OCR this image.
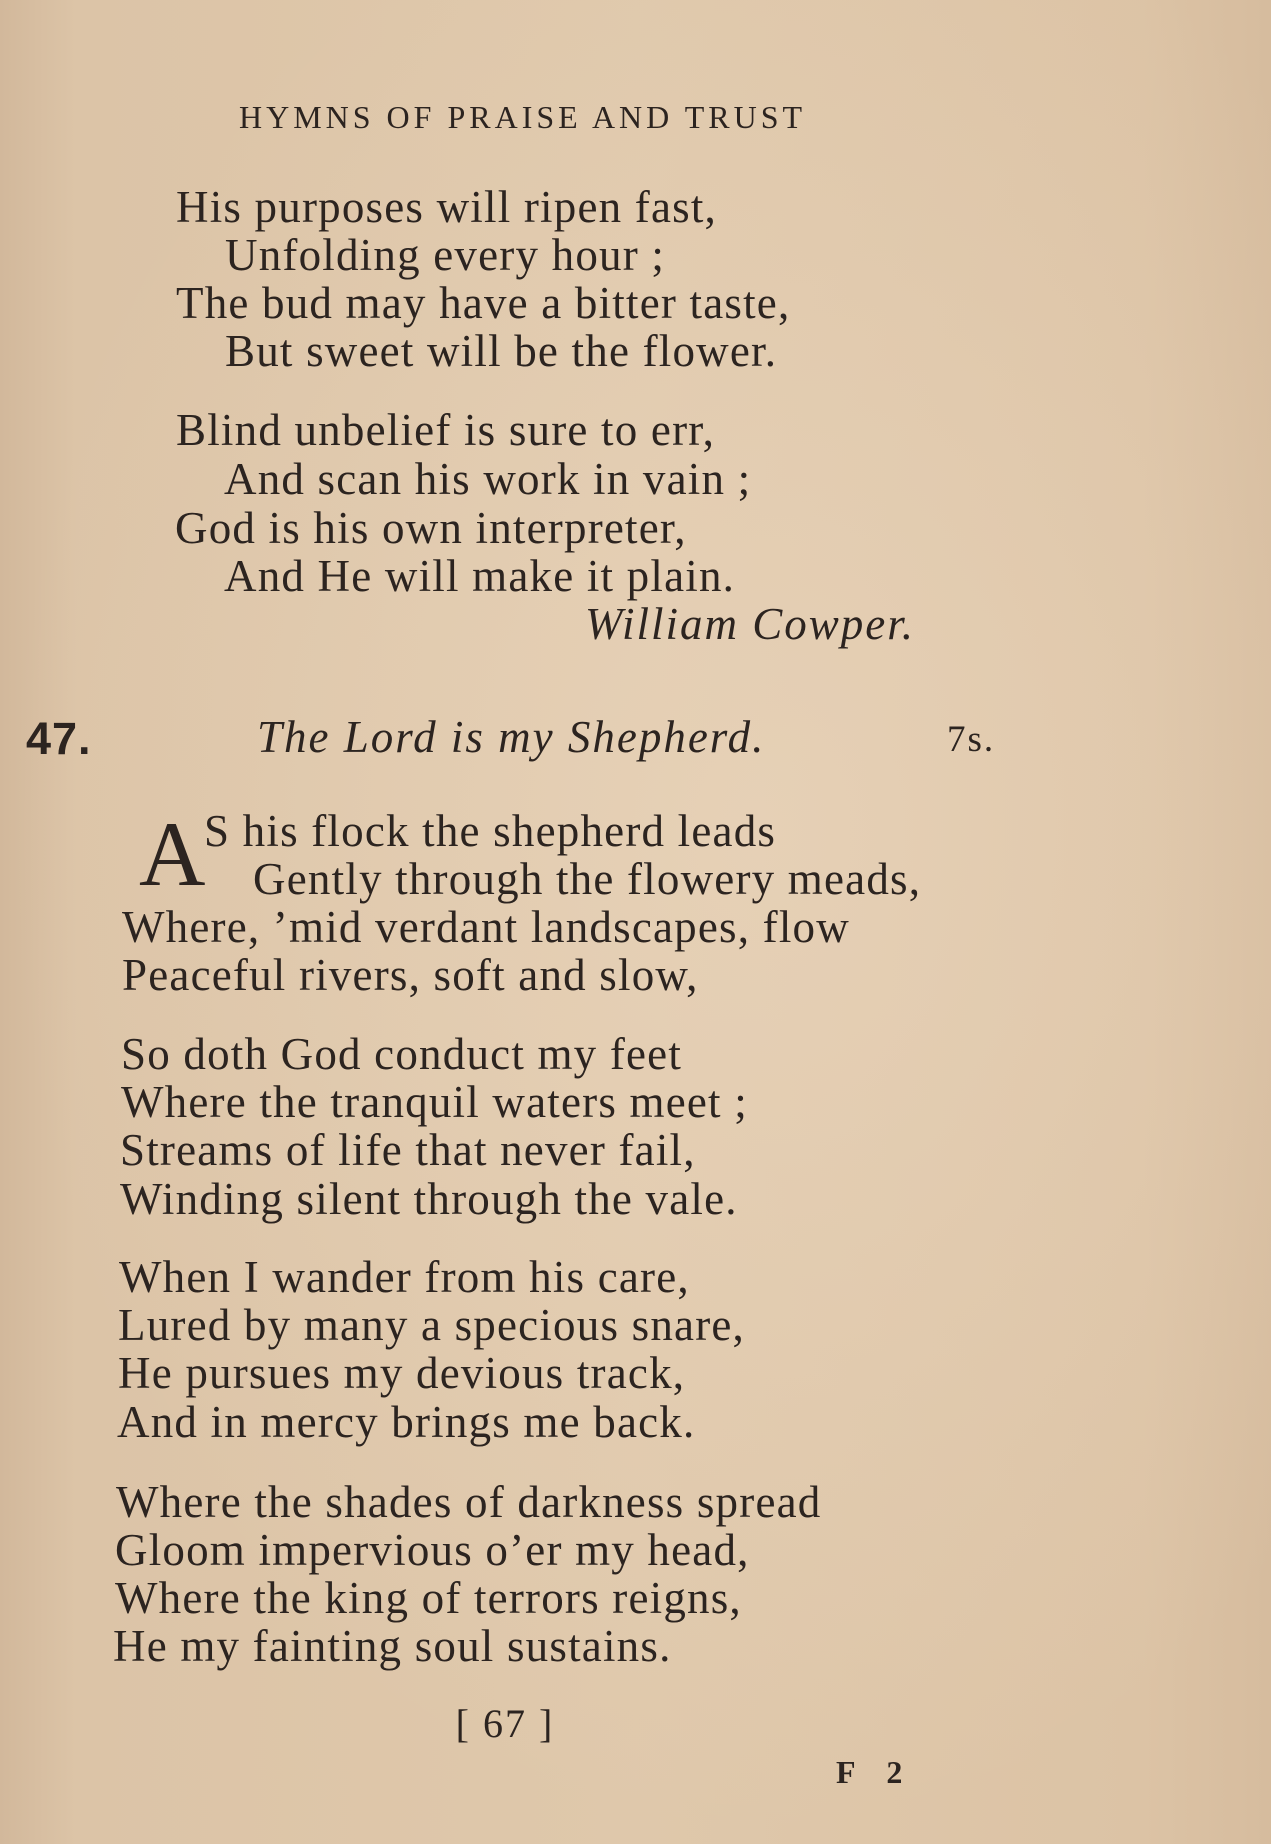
HYMNS OF PRAISE AND TRUST
His purposes will ripen fast,
Unfolding every hour ;
The bud may have a bitter taste,
But sweet will be the flower.
Blind unbelief is sure to err,
And scan his work in vain ;
God is his own interpreter,
And He will make it plain.
William Cowper.
47.	The Lord is my Shepherd.	7s.
A
S his flock the shepherd leads
Gently through the flowery meads,
Where, ’mid verdant landscapes, flow
Peaceful rivers, soft and slow,
So doth God conduct my feet
Where the tranquil waters meet ;
Streams of life that never fail,
Winding silent through the vale.
When I wander from his care,
Lured by many a specious snare,
He pursues my devious track,
And in mercy brings me back.
Where the shades of darkness spread
Gloom impervious o’er my head,
Where the king of terrors reigns,
He my fainting soul sustains.
[ 67 ]
F 2
